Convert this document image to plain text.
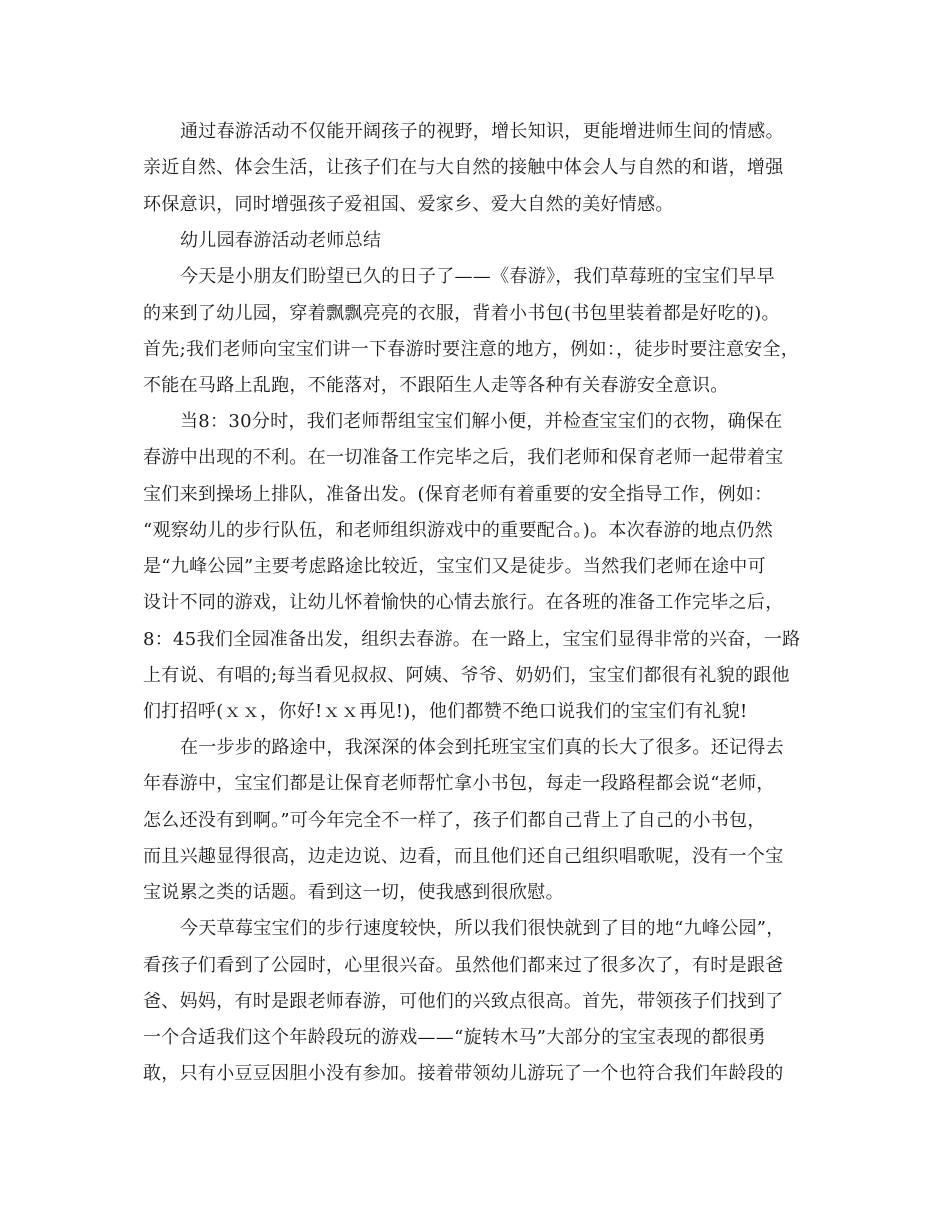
通过春游活动不仅能开阔孩子的视野，增长知识，更能增进师生间的情感。
亲近自然、体会生活，让孩子们在与大自然的接触中体会人与自然的和谐，增强
环保意识，同时增强孩子爱祖国、爱家乡、爱大自然的美好情感。
幼儿园春游活动老师总结
今天是小朋友们盼望已久的日子了——《春游》，我们草莓班的宝宝们早早
的来到了幼儿园，穿着飘飘亮亮的衣服，背着小书包(书包里装着都是好吃的)。
首先;我们老师向宝宝们讲一下春游时要注意的地方，例如：，徒步时要注意安全，
不能在马路上乱跑，不能落对，不跟陌生人走等各种有关春游安全意识。
当8：30分时，我们老师帮组宝宝们解小便，并检查宝宝们的衣物，确保在
春游中出现的不利。在一切准备工作完毕之后，我们老师和保育老师一起带着宝
宝们来到操场上排队，准备出发。(保育老师有着重要的安全指导工作，例如：
“观察幼儿的步行队伍，和老师组织游戏中的重要配合。)。本次春游的地点仍然
是“九峰公园”主要考虑路途比较近，宝宝们又是徒步。当然我们老师在途中可
设计不同的游戏，让幼儿怀着愉快的心情去旅行。在各班的准备工作完毕之后，
8：45我们全园准备出发，组织去春游。在一路上，宝宝们显得非常的兴奋，一路
上有说、有唱的;每当看见叔叔、阿姨、爷爷、奶奶们，宝宝们都很有礼貌的跟他
们打招呼(ｘｘ，你好!ｘｘ再见!)，他们都赞不绝口说我们的宝宝们有礼貌!
在一步步的路途中，我深深的体会到托班宝宝们真的长大了很多。还记得去
年春游中，宝宝们都是让保育老师帮忙拿小书包，每走一段路程都会说“老师，
怎么还没有到啊。”可今年完全不一样了，孩子们都自己背上了自己的小书包，
而且兴趣显得很高，边走边说、边看，而且他们还自己组织唱歌呢，没有一个宝
宝说累之类的话题。看到这一切，使我感到很欣慰。
今天草莓宝宝们的步行速度较快，所以我们很快就到了目的地“九峰公园”，
看孩子们看到了公园时，心里很兴奋。虽然他们都来过了很多次了，有时是跟爸
爸、妈妈，有时是跟老师春游，可他们的兴致点很高。首先，带领孩子们找到了
一个合适我们这个年龄段玩的游戏——“旋转木马”大部分的宝宝表现的都很勇
敢，只有小豆豆因胆小没有参加。接着带领幼儿游玩了一个也符合我们年龄段的
